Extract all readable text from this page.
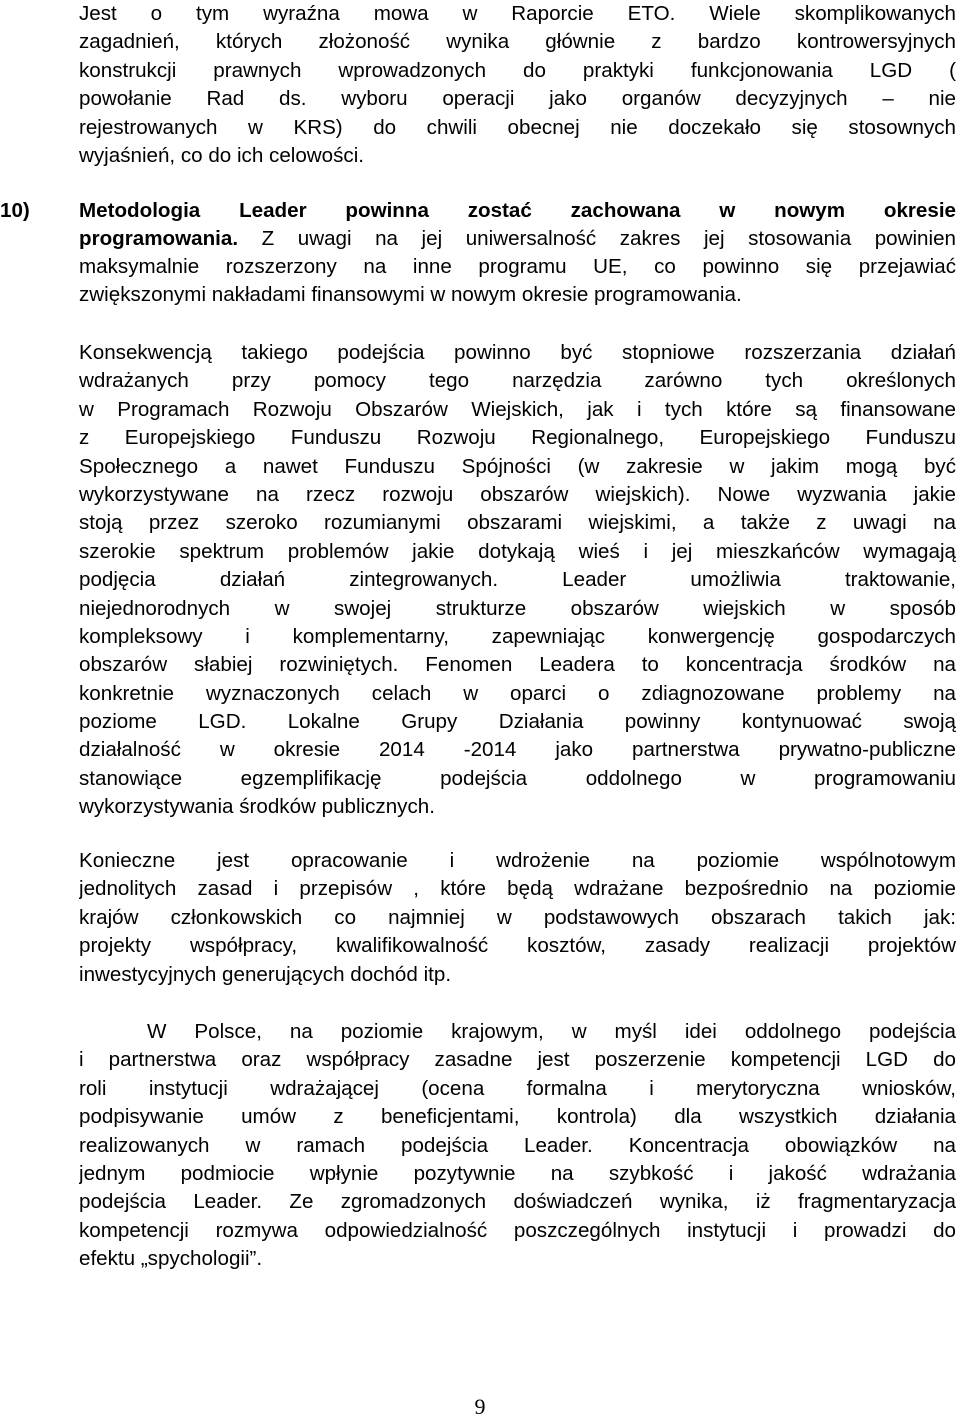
Jest o tym wyraźna mowa w Raporcie ETO. Wiele skomplikowanych
zagadnień, których złożoność wynika głównie z bardzo kontrowersyjnych
konstrukcji prawnych wprowadzonych do praktyki funkcjonowania LGD (
powołanie Rad ds. wyboru operacji jako organów decyzyjnych – nie
rejestrowanych w KRS) do chwili obecnej nie doczekało się stosownych
wyjaśnień, co do ich celowości.
10)	Metodologia Leader powinna zostać zachowana w nowym okresie
programowania. Z uwagi na jej uniwersalność zakres jej stosowania powinien
maksymalnie rozszerzony na inne programu UE, co powinno się przejawiać
zwiększonymi nakładami finansowymi w nowym okresie programowania.
Konsekwencją takiego podejścia powinno być stopniowe rozszerzania działań
wdrażanych przy pomocy tego narzędzia zarówno tych określonych
w Programach Rozwoju Obszarów Wiejskich, jak i tych które są finansowane
z Europejskiego Funduszu Rozwoju Regionalnego, Europejskiego Funduszu
Społecznego a nawet Funduszu Spójności (w zakresie w jakim mogą być
wykorzystywane na rzecz rozwoju obszarów wiejskich). Nowe wyzwania jakie
stoją przez szeroko rozumianymi obszarami wiejskimi, a także z uwagi na
szerokie spektrum problemów jakie dotykają wieś i jej mieszkańców wymagają
podjęcia działań zintegrowanych. Leader umożliwia traktowanie,
niejednorodnych w swojej strukturze obszarów wiejskich w sposób
kompleksowy i komplementarny, zapewniając konwergencję gospodarczych
obszarów słabiej rozwiniętych. Fenomen Leadera to koncentracja środków na
konkretnie wyznaczonych celach w oparci o zdiagnozowane problemy na
poziome LGD. Lokalne Grupy Działania powinny kontynuować swoją
działalność w okresie 2014 -2014 jako partnerstwa prywatno-publiczne
stanowiące egzemplifikację podejścia oddolnego w programowaniu
wykorzystywania środków publicznych.
Konieczne jest opracowanie i wdrożenie na poziomie wspólnotowym
jednolitych zasad i przepisów , które będą wdrażane bezpośrednio na poziomie
krajów członkowskich co najmniej w podstawowych obszarach takich jak:
projekty współpracy, kwalifikowalność kosztów, zasady realizacji projektów
inwestycyjnych generujących dochód itp.
W Polsce, na poziomie krajowym, w myśl idei oddolnego podejścia
i partnerstwa oraz współpracy zasadne jest poszerzenie kompetencji LGD do
roli instytucji wdrażającej (ocena formalna i merytoryczna wniosków,
podpisywanie umów z beneficjentami, kontrola) dla wszystkich działania
realizowanych w ramach podejścia Leader. Koncentracja obowiązków na
jednym podmiocie wpłynie pozytywnie na szybkość i jakość wdrażania
podejścia Leader. Ze zgromadzonych doświadczeń wynika, iż fragmentaryzacja
kompetencji rozmywa odpowiedzialność poszczególnych instytucji i prowadzi do
efektu „spychologii”.
9
